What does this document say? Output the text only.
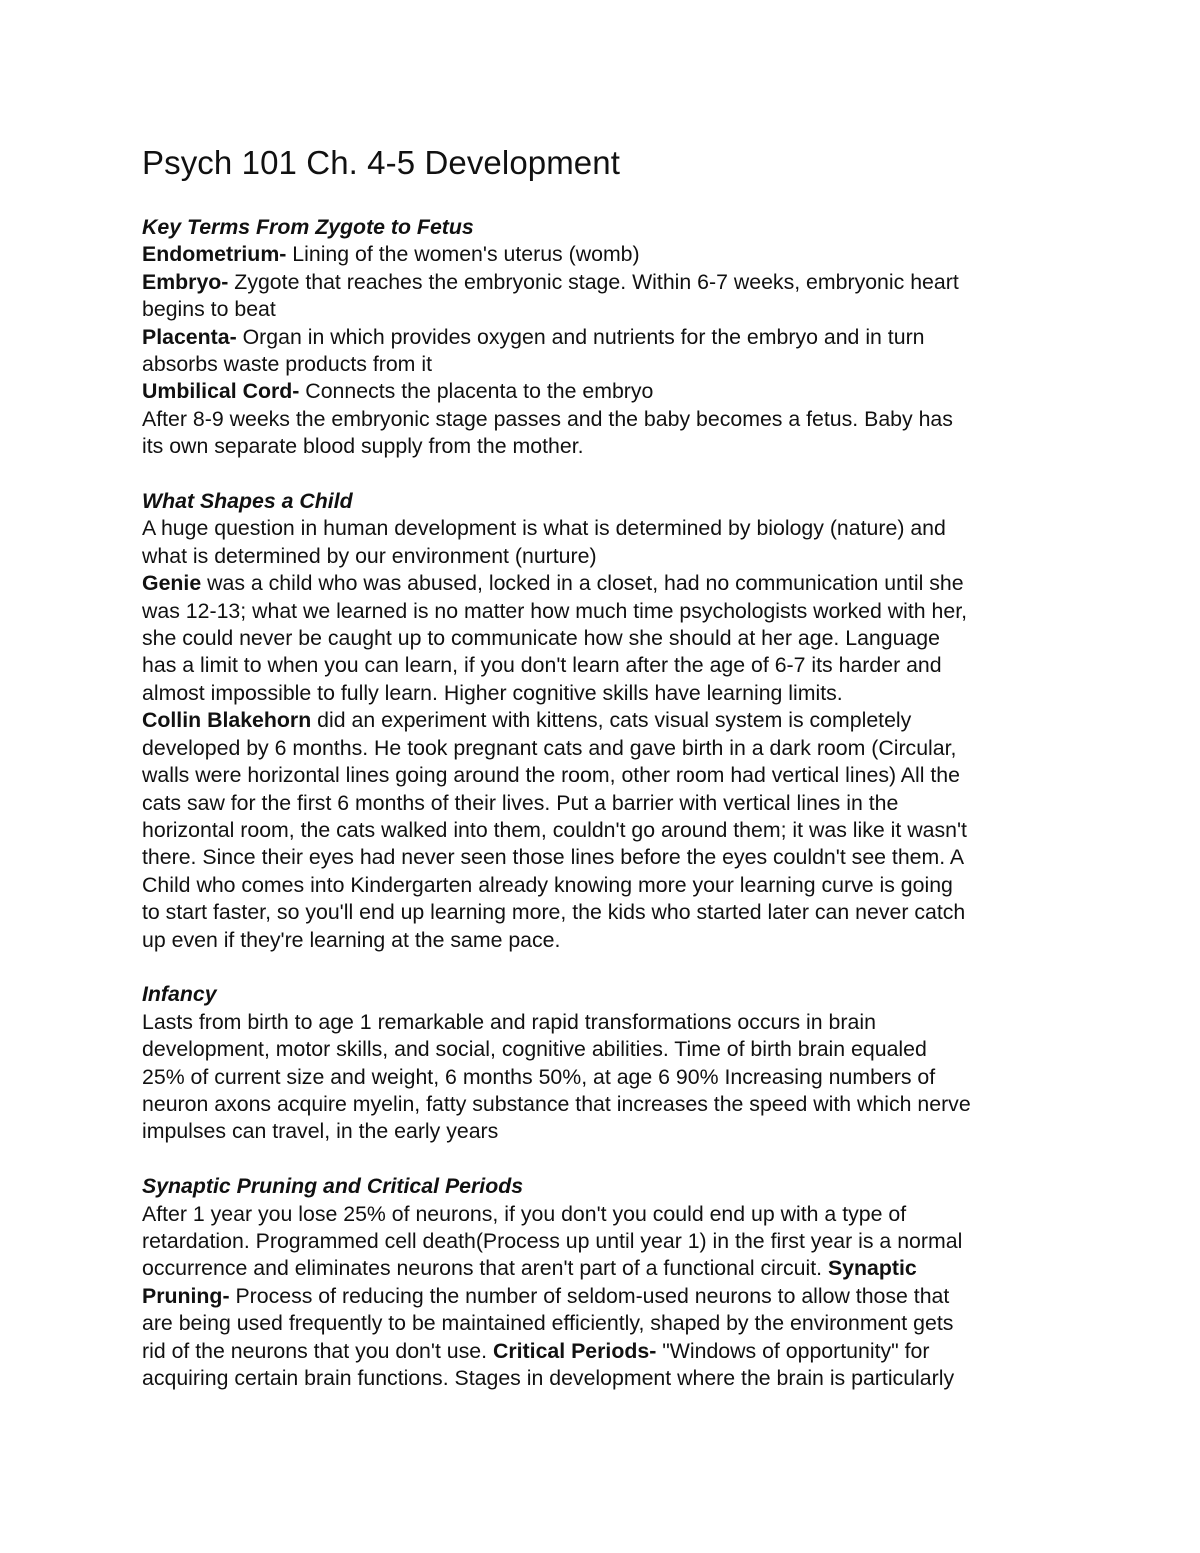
Psych 101 Ch. 4-5 Development
Key Terms From Zygote to Fetus
Endometrium- Lining of the women's uterus (womb)
Embryo- Zygote that reaches the embryonic stage. Within 6-7 weeks, embryonic heart
begins to beat
Placenta- Organ in which provides oxygen and nutrients for the embryo and in turn
absorbs waste products from it
Umbilical Cord- Connects the placenta to the embryo
After 8-9 weeks the embryonic stage passes and the baby becomes a fetus. Baby has
its own separate blood supply from the mother.
What Shapes a Child
A huge question in human development is what is determined by biology (nature) and
what is determined by our environment (nurture)
Genie was a child who was abused, locked in a closet, had no communication until she
was 12-13; what we learned is no matter how much time psychologists worked with her,
she could never be caught up to communicate how she should at her age. Language
has a limit to when you can learn, if you don't learn after the age of 6-7 its harder and
almost impossible to fully learn. Higher cognitive skills have learning limits.
Collin Blakehorn did an experiment with kittens, cats visual system is completely
developed by 6 months. He took pregnant cats and gave birth in a dark room (Circular,
walls were horizontal lines going around the room, other room had vertical lines) All the
cats saw for the first 6 months of their lives. Put a barrier with vertical lines in the
horizontal room, the cats walked into them, couldn't go around them; it was like it wasn't
there. Since their eyes had never seen those lines before the eyes couldn't see them. A
Child who comes into Kindergarten already knowing more your learning curve is going
to start faster, so you'll end up learning more, the kids who started later can never catch
up even if they're learning at the same pace.
Infancy
Lasts from birth to age 1 remarkable and rapid transformations occurs in brain
development, motor skills, and social, cognitive abilities. Time of birth brain equaled
25% of current size and weight, 6 months 50%, at age 6 90% Increasing numbers of
neuron axons acquire myelin, fatty substance that increases the speed with which nerve
impulses can travel, in the early years
Synaptic Pruning and Critical Periods
After 1 year you lose 25% of neurons, if you don't you could end up with a type of
retardation. Programmed cell death(Process up until year 1) in the first year is a normal
occurrence and eliminates neurons that aren't part of a functional circuit. Synaptic
Pruning- Process of reducing the number of seldom-used neurons to allow those that
are being used frequently to be maintained efficiently, shaped by the environment gets
rid of the neurons that you don't use. Critical Periods- "Windows of opportunity" for
acquiring certain brain functions. Stages in development where the brain is particularly
